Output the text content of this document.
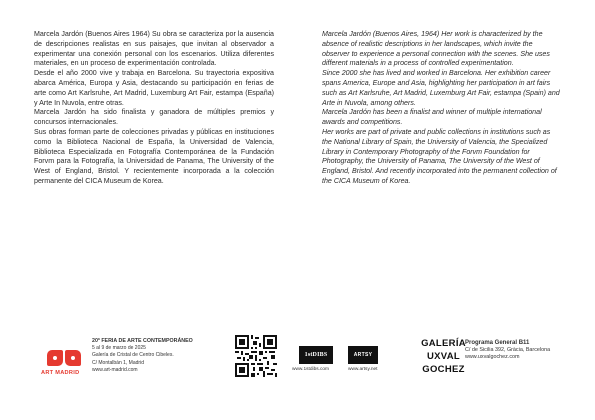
Marcela Jardón (Buenos Aires 1964) Su obra se caracteriza por la ausencia de descripciones realistas en sus paisajes, que invitan al observador a experimentar una conexión personal con los escenarios. Utiliza diferentes materiales, en un proceso de experimentación controlada.

Desde el año 2000 vive y trabaja en Barcelona. Su trayectoria expositiva abarca América, Europa y Asia, destacando su participación en ferias de arte como Art Karlsruhe, Art Madrid, Luxemburg Art Fair, estampa (España) y Arte In Nuvola, entre otras.

Marcela Jardón ha sido finalista y ganadora de múltiples premios y concursos internacionales.

Sus obras forman parte de colecciones privadas y públicas en instituciones como la Biblioteca Nacional de España, la Universidad de Valencia, Biblioteca Especializada en Fotografía Contemporánea de la Fundación Forvm para la Fotografía, la Universidad de Panama, The University of the West of England, Bristol. Y recientemente incorporada a la colección permanente del CICA Museum de Korea.

Marcela Jardón (Buenos Aires, 1964) Her work is characterized by the absence of realistic descriptions in her landscapes, which invite the observer to experience a personal connection with the scenes. She uses different materials in a process of controlled experimentation.

Since 2000 she has lived and worked in Barcelona. Her exhibition career spans America, Europe and Asia, highlighting her participation in art fairs such as Art Karlsruhe, Art Madrid, Luxemburg Art Fair, estampa (Spain) and Arte in Nuvola, among others.

Marcela Jardón has been a finalist and winner of multiple international awards and competitions.

Her works are part of private and public collections in institutions such as the National Library of Spain, the University of Valencia, the Specialized Library in Contemporary Photography of the Forvm Foundation for Photography, the University of Panama, The University of the West of England, Bristol. And recently incorporated into the permanent collection of the CICA Museum of Korea.

ART MADRID
20ª FERIA DE ARTE CONTEMPORÁNEO
5 al 9 de marzo de 2025
Galería de Cristal de Centro Cibeles.
C/ Montalbán 1, Madrid
www.art-madrid.com
1stDIBS
www.1stdibs.com
ARTSY
www.artsy.net
GALERÍA
UXVAL
GOCHEZ
Programa General B11
C/ de Sicilia 392, Gràcia, Barcelona
www.uxvalgochez.com
